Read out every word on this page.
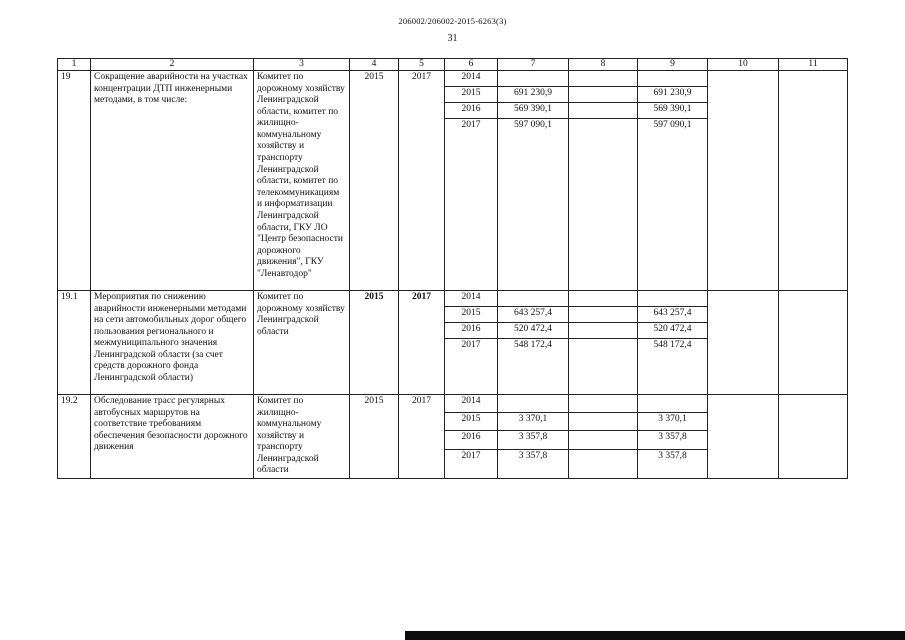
206002/206002-2015-6263(3)
31
1	2	3	4	5	6	7	8	9	10	11
19	Сокращение аварийности на участках концентрации ДТП инженерными методами, в том числе:	Комитет по дорожному хозяйству Ленинградской области, комитет по жилищно-коммунальному хозяйству и транспорту Ленинградской области, комитет по телекоммуникациям и информатизации Ленинградской области, ГКУ ЛО "Центр безопасности дорожного движения", ГКУ "Ленавтодор"	2015	2017	2014					
					2015	691 230,9		691 230,9		
					2016	569 390,1		569 390,1		
					2017	597 090,1		597 090,1		
19.1	Мероприятия по снижению аварийности инженерными методами на сети автомобильных дорог общего пользования регионального и межмуниципального значения Ленинградской области (за счет средств дорожного фонда Ленинградской области)	Комитет по дорожному хозяйству Ленинградской области	2015	2017	2014					
					2015	643 257,4		643 257,4		
					2016	520 472,4		520 472,4		
					2017	548 172,4		548 172,4		
19.2	Обследование трасс регулярных автобусных маршрутов на соответствие требованиям обеспечения безопасности дорожного движения	Комитет по жилищно-коммунальному хозяйству и транспорту Ленинградской области	2015	2017	2014					
					2015	3 370,1		3 370,1		
					2016	3 357,8		3 357,8		
					2017	3 357,8		3 357,8		
